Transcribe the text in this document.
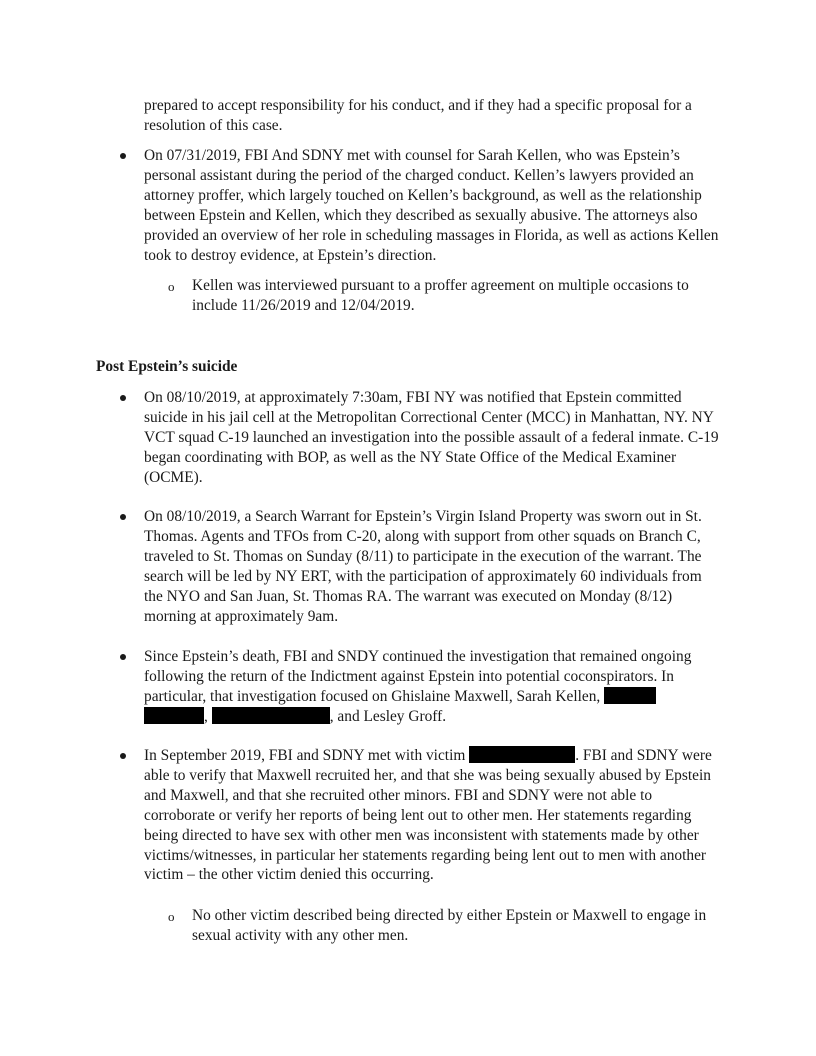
prepared to accept responsibility for his conduct, and if they had a specific proposal for a resolution of this case.

On 07/31/2019, FBI And SDNY met with counsel for Sarah Kellen, who was Epstein’s personal assistant during the period of the charged conduct. Kellen’s lawyers provided an attorney proffer, which largely touched on Kellen’s background, as well as the relationship between Epstein and Kellen, which they described as sexually abusive. The attorneys also provided an overview of her role in scheduling massages in Florida, as well as actions Kellen took to destroy evidence, at Epstein’s direction.

o Kellen was interviewed pursuant to a proffer agreement on multiple occasions to include 11/26/2019 and 12/04/2019.

Post Epstein’s suicide

On 08/10/2019, at approximately 7:30am, FBI NY was notified that Epstein committed suicide in his jail cell at the Metropolitan Correctional Center (MCC) in Manhattan, NY. NY VCT squad C-19 launched an investigation into the possible assault of a federal inmate. C-19 began coordinating with BOP, as well as the NY State Office of the Medical Examiner (OCME).

On 08/10/2019, a Search Warrant for Epstein’s Virgin Island Property was sworn out in St. Thomas. Agents and TFOs from C-20, along with support from other squads on Branch C, traveled to St. Thomas on Sunday (8/11) to participate in the execution of the warrant. The search will be led by NY ERT, with the participation of approximately 60 individuals from the NYO and San Juan, St. Thomas RA. The warrant was executed on Monday (8/12) morning at approximately 9am.

Since Epstein’s death, FBI and SNDY continued the investigation that remained ongoing following the return of the Indictment against Epstein into potential coconspirators. In particular, that investigation focused on Ghislaine Maxwell, Sarah Kellen,
,	, and Lesley Groff.

In September 2019, FBI and SDNY met with victim	. FBI and SDNY were able to verify that Maxwell recruited her, and that she was being sexually abused by Epstein and Maxwell, and that she recruited other minors. FBI and SDNY were not able to corroborate or verify her reports of being lent out to other men. Her statements regarding being directed to have sex with other men was inconsistent with statements made by other victims/witnesses, in particular her statements regarding being lent out to men with another victim – the other victim denied this occurring.

o No other victim described being directed by either Epstein or Maxwell to engage in sexual activity with any other men.
